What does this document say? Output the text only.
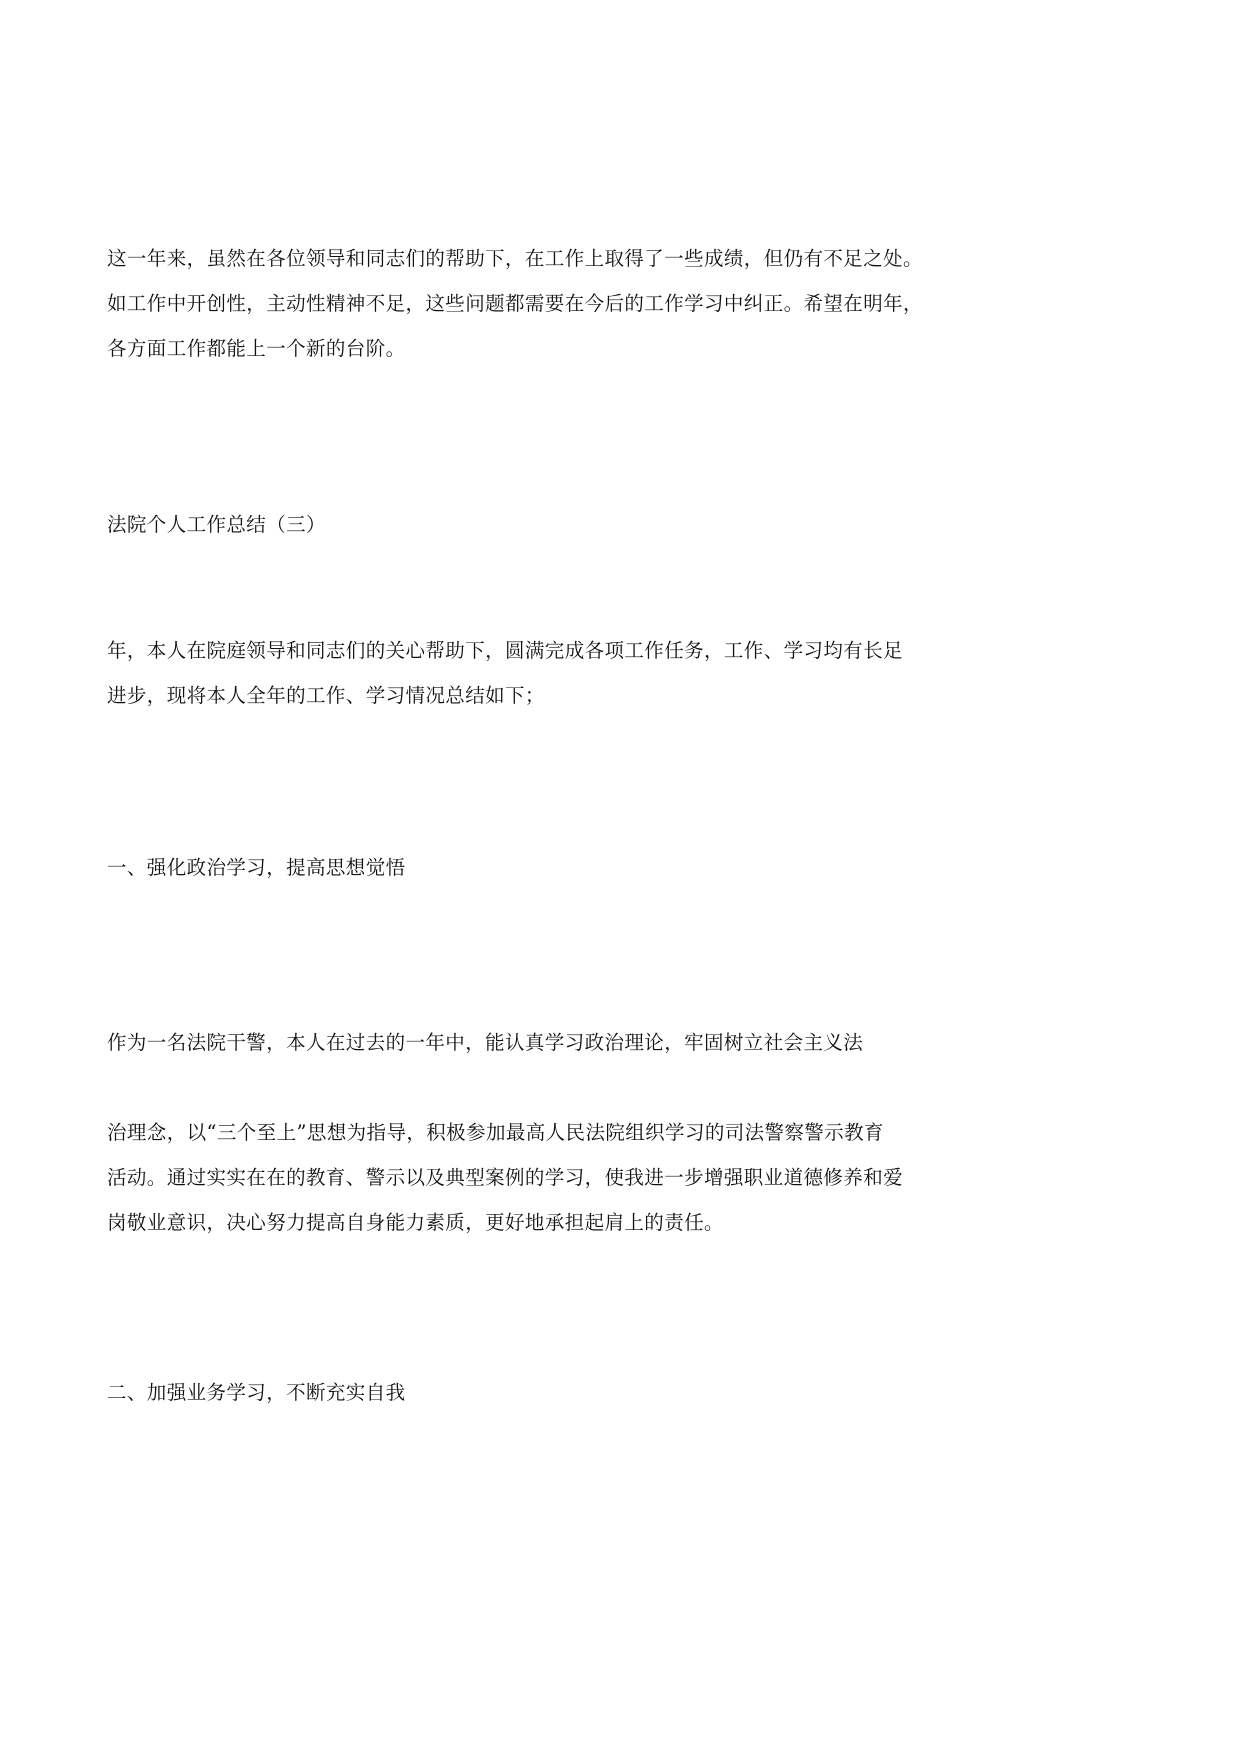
这一年来，虽然在各位领导和同志们的帮助下，在工作上取得了一些成绩，但仍有不足之处。
如工作中开创性，主动性精神不足，这些问题都需要在今后的工作学习中纠正。希望在明年，
各方面工作都能上一个新的台阶。
法院个人工作总结（三）
年，本人在院庭领导和同志们的关心帮助下，圆满完成各项工作任务，工作、学习均有长足
进步，现将本人全年的工作、学习情况总结如下；
一、强化政治学习，提高思想觉悟
作为一名法院干警，本人在过去的一年中，能认真学习政治理论，牢固树立社会主义法
治理念，以“三个至上”思想为指导，积极参加最高人民法院组织学习的司法警察警示教育
活动。通过实实在在的教育、警示以及典型案例的学习，使我进一步增强职业道德修养和爱
岗敬业意识，决心努力提高自身能力素质，更好地承担起肩上的责任。
二、加强业务学习，不断充实自我
